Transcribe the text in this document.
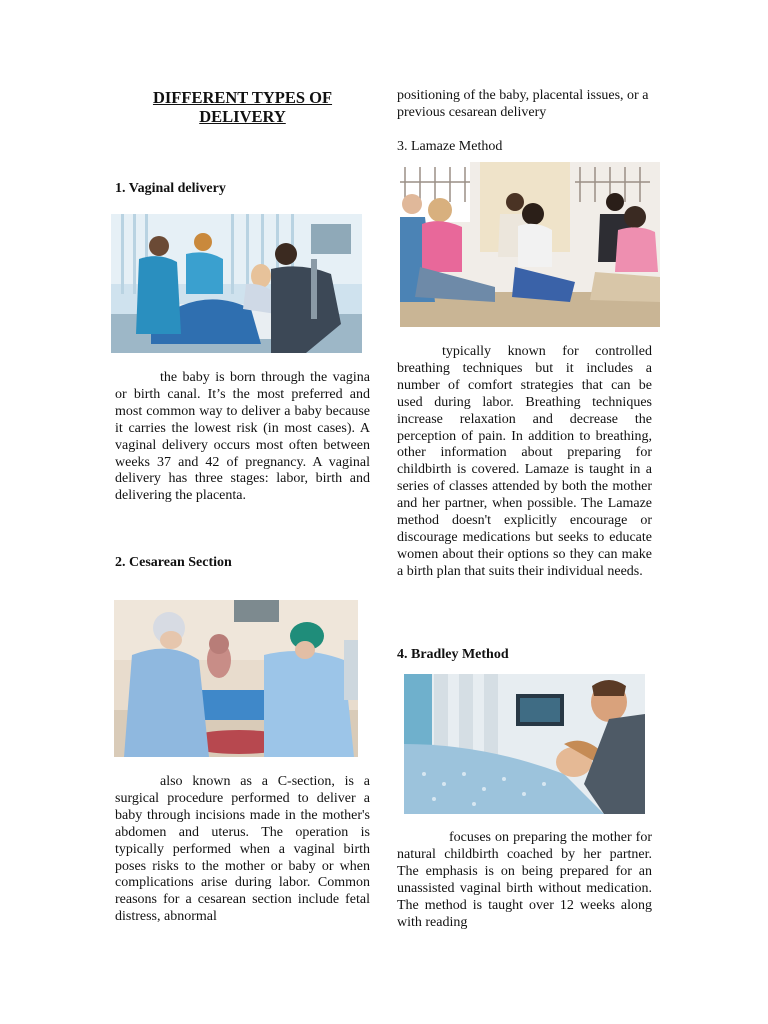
DIFFERENT TYPES OF DELIVERY

1. Vaginal delivery

the baby is born through the vagina or birth canal. It’s the most preferred and most common way to deliver a baby because it carries the lowest risk (in most cases). A vaginal delivery occurs most often between weeks 37 and 42 of pregnancy. A vaginal delivery has three stages: labor, birth and delivering the placenta.

2. Cesarean Section

also known as a C-section, is a surgical procedure performed to deliver a baby through incisions made in the mother's abdomen and uterus. The operation is typically performed when a vaginal birth poses risks to the mother or baby or when complications arise during labor. Common reasons for a cesarean section include fetal distress, abnormal

positioning of the baby, placental issues, or a previous cesarean delivery

3. Lamaze Method

typically known for controlled breathing techniques but it includes a number of comfort strategies that can be used during labor. Breathing techniques increase relaxation and decrease the perception of pain. In addition to breathing, other information about preparing for childbirth is covered. Lamaze is taught in a series of classes attended by both the mother and her partner, when possible. The Lamaze method doesn't explicitly encourage or discourage medications but seeks to educate women about their options so they can make a birth plan that suits their individual needs.

4. Bradley Method

focuses on preparing the mother for natural childbirth coached by her partner. The emphasis is on being prepared for an unassisted vaginal birth without medication. The method is taught over 12 weeks along with reading
